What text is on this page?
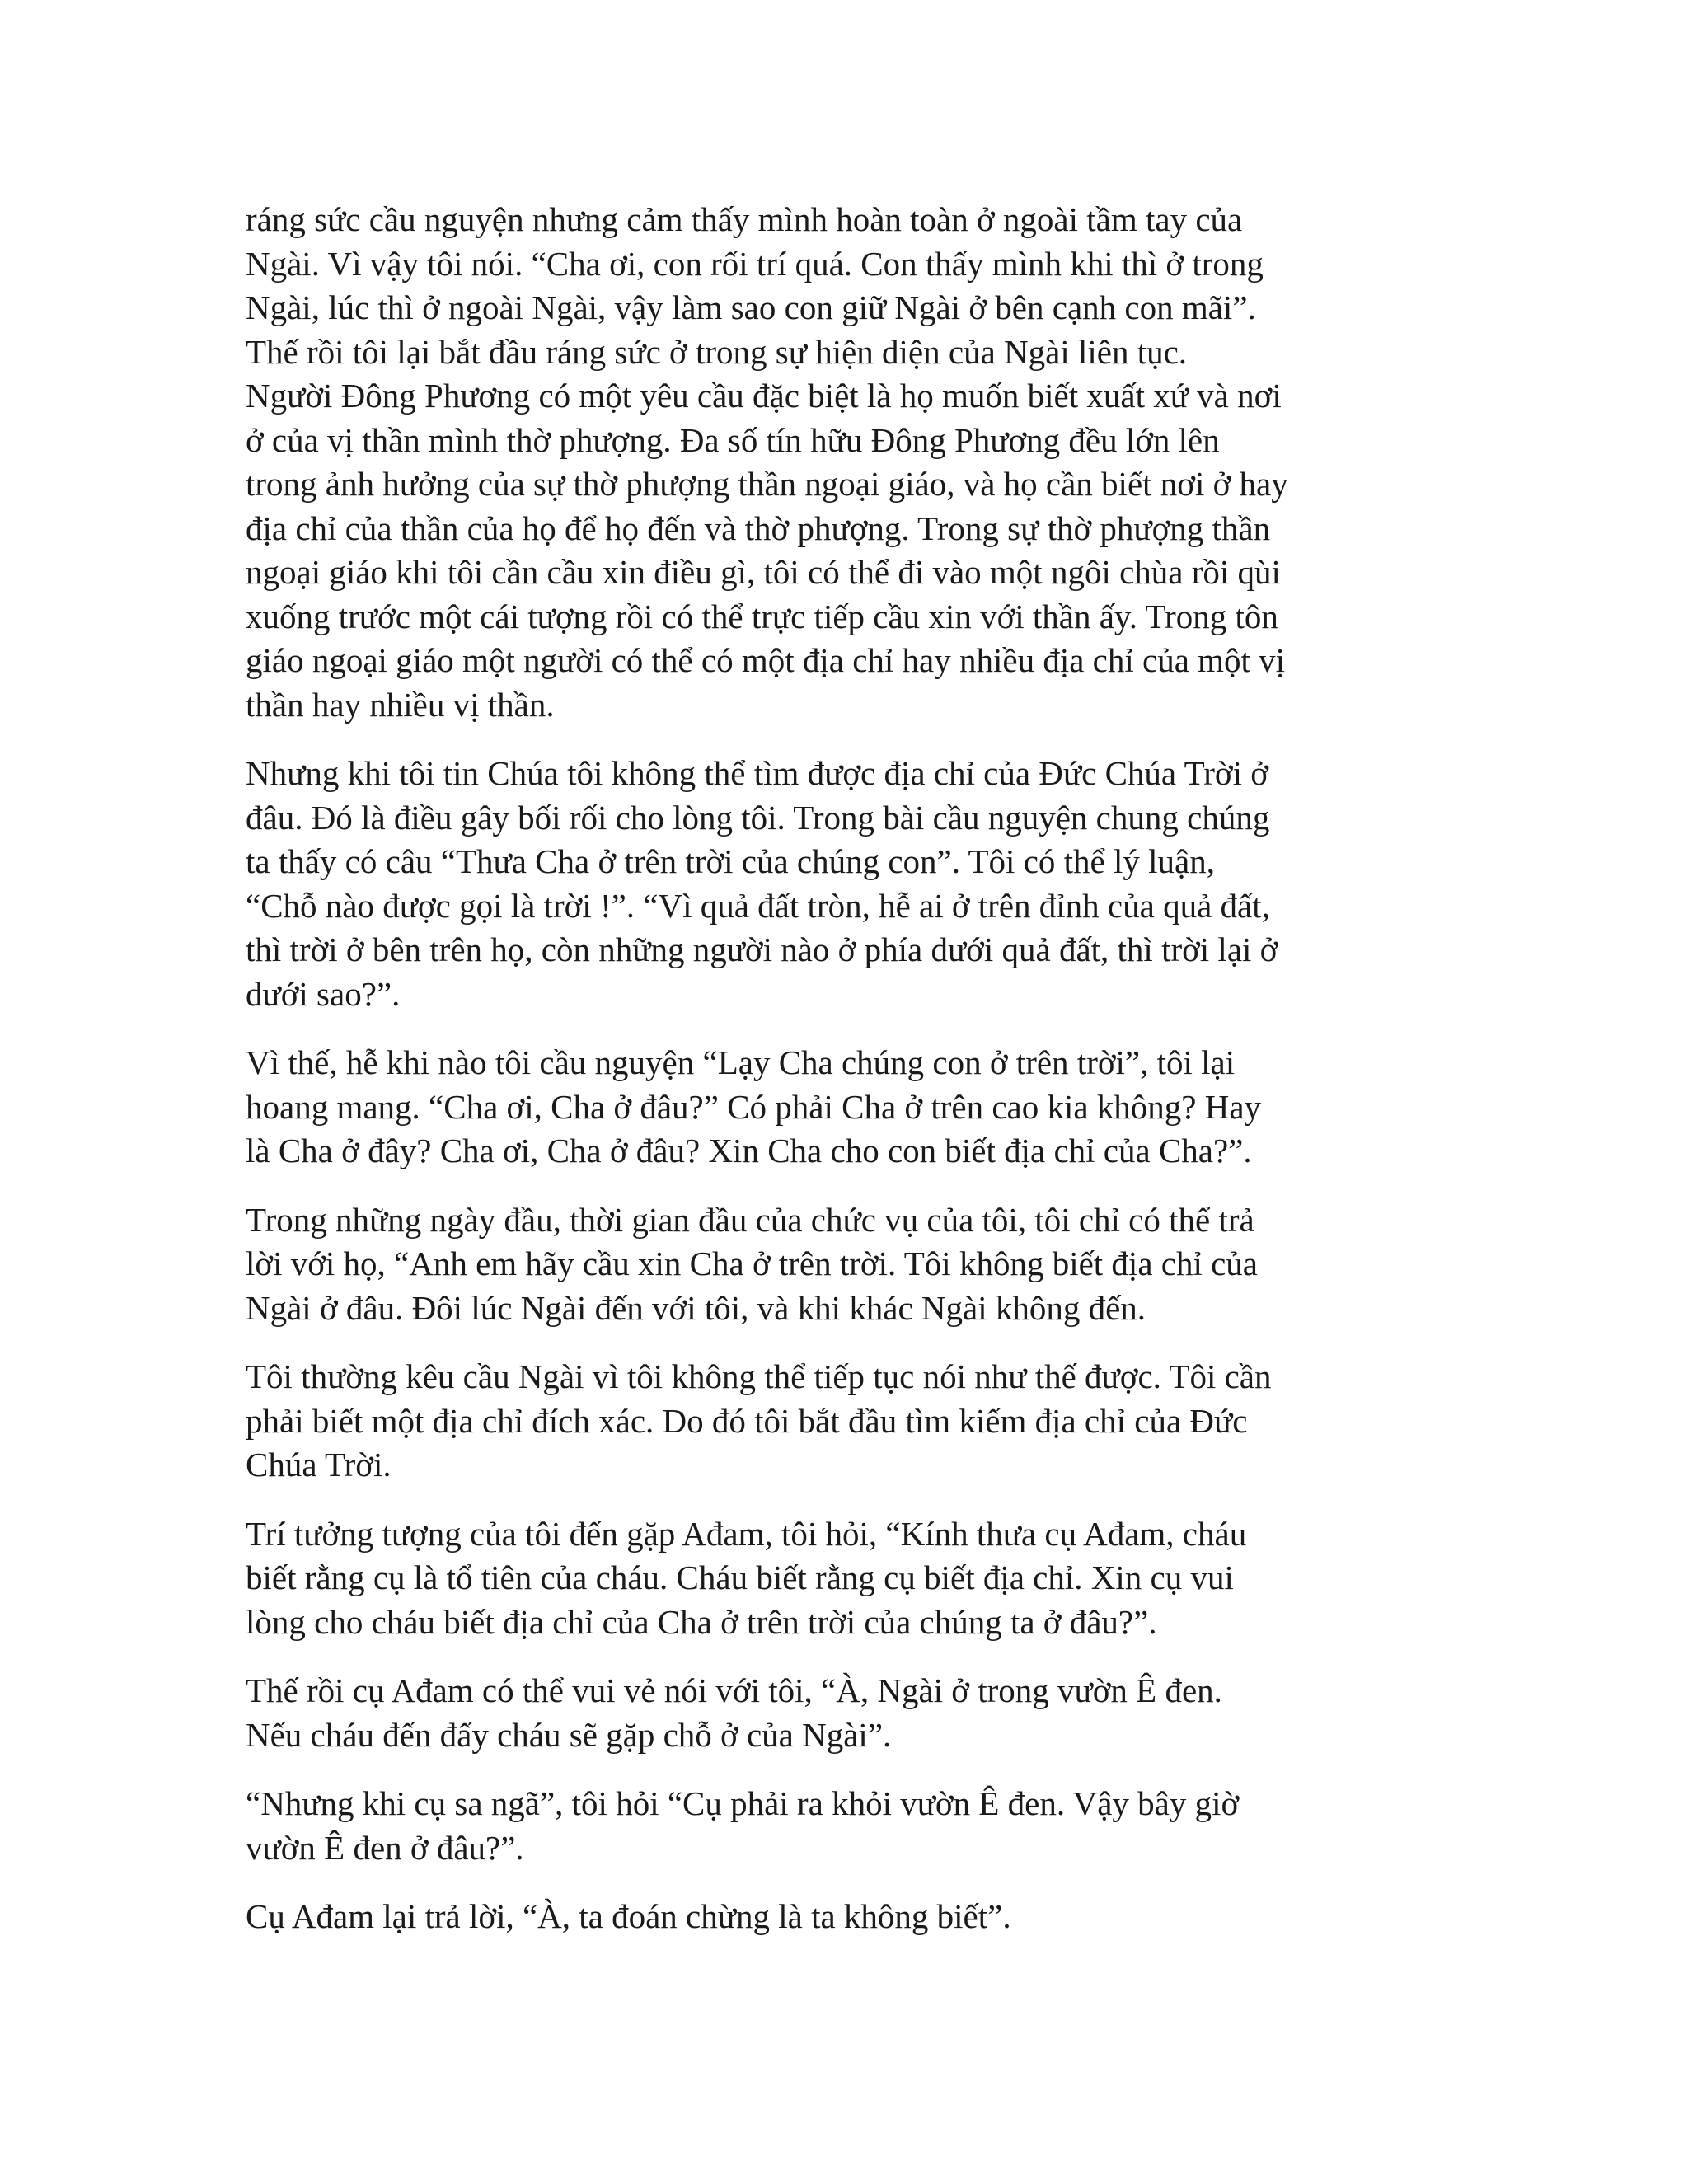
ráng sức cầu nguyện nhưng cảm thấy mình hoàn toàn ở ngoài tầm tay của
Ngài. Vì vậy tôi nói. “Cha ơi, con rối trí quá. Con thấy mình khi thì ở trong
Ngài, lúc thì ở ngoài Ngài, vậy làm sao con giữ Ngài ở bên cạnh con mãi”.
Thế rồi tôi lại bắt đầu ráng sức ở trong sự hiện diện của Ngài liên tục.
Người Đông Phương có một yêu cầu đặc biệt là họ muốn biết xuất xứ và nơi
ở của vị thần mình thờ phượng. Đa số tín hữu Đông Phương đều lớn lên
trong ảnh hưởng của sự thờ phượng thần ngoại giáo, và họ cần biết nơi ở hay
địa chỉ của thần của họ để họ đến và thờ phượng. Trong sự thờ phượng thần
ngoại giáo khi tôi cần cầu xin điều gì, tôi có thể đi vào một ngôi chùa rồi qùi
xuống trước một cái tượng rồi có thể trực tiếp cầu xin với thần ấy. Trong tôn
giáo ngoại giáo một người có thể có một địa chỉ hay nhiều địa chỉ của một vị
thần hay nhiều vị thần.

Nhưng khi tôi tin Chúa tôi không thể tìm được địa chỉ của Đức Chúa Trời ở
đâu. Đó là điều gây bối rối cho lòng tôi. Trong bài cầu nguyện chung chúng
ta thấy có câu “Thưa Cha ở trên trời của chúng con”. Tôi có thể lý luận,
“Chỗ nào được gọi là trời !”. “Vì quả đất tròn, hễ ai ở trên đỉnh của quả đất,
thì trời ở bên trên họ, còn những người nào ở phía dưới quả đất, thì trời lại ở
dưới sao?”.

Vì thế, hễ khi nào tôi cầu nguyện “Lạy Cha chúng con ở trên trời”, tôi lại
hoang mang. “Cha ơi, Cha ở đâu?” Có phải Cha ở trên cao kia không? Hay
là Cha ở đây? Cha ơi, Cha ở đâu? Xin Cha cho con biết địa chỉ của Cha?”.

Trong những ngày đầu, thời gian đầu của chức vụ của tôi, tôi chỉ có thể trả
lời với họ, “Anh em hãy cầu xin Cha ở trên trời. Tôi không biết địa chỉ của
Ngài ở đâu. Đôi lúc Ngài đến với tôi, và khi khác Ngài không đến.

Tôi thường kêu cầu Ngài vì tôi không thể tiếp tục nói như thế được. Tôi cần
phải biết một địa chỉ đích xác. Do đó tôi bắt đầu tìm kiếm địa chỉ của Đức
Chúa Trời.

Trí tưởng tượng của tôi đến gặp Ađam, tôi hỏi, “Kính thưa cụ Ađam, cháu
biết rằng cụ là tổ tiên của cháu. Cháu biết rằng cụ biết địa chỉ. Xin cụ vui
lòng cho cháu biết địa chỉ của Cha ở trên trời của chúng ta ở đâu?”.

Thế rồi cụ Ađam có thể vui vẻ nói với tôi, “À, Ngài ở trong vườn Ê đen.
Nếu cháu đến đấy cháu sẽ gặp chỗ ở của Ngài”.

“Nhưng khi cụ sa ngã”, tôi hỏi “Cụ phải ra khỏi vườn Ê đen. Vậy bây giờ
vườn Ê đen ở đâu?”.

Cụ Ađam lại trả lời, “À, ta đoán chừng là ta không biết”.
